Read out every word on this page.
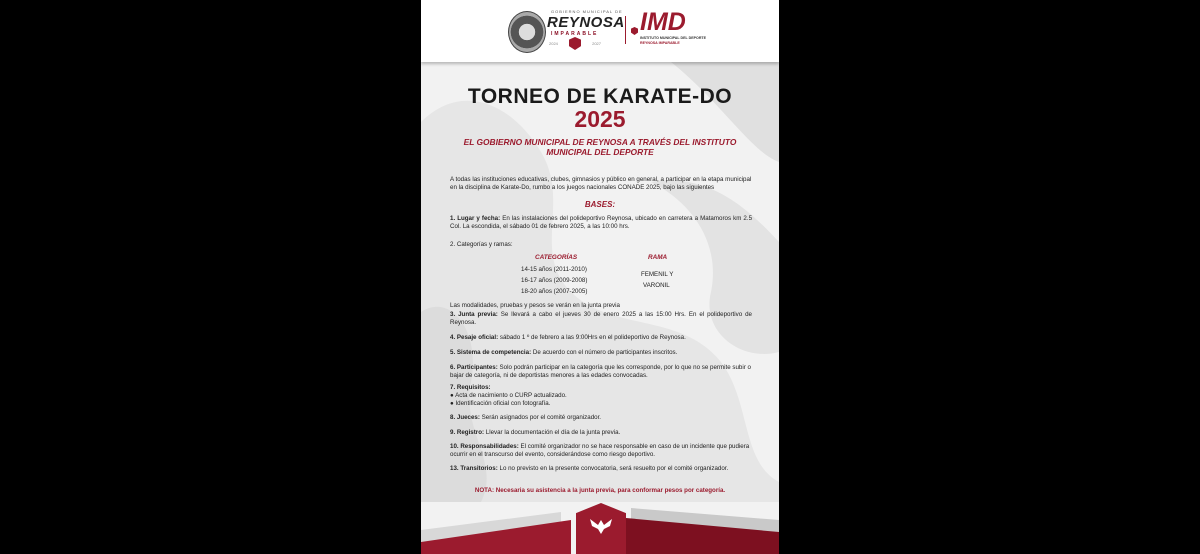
GOBIERNO MUNICIPAL DE
REYNOSA
IMPARABLE
2024	2027
IMD
INSTITUTO MUNICIPAL DEL DEPORTE
REYNOSA IMPARABLE
TORNEO DE KARATE-DO
2025
EL GOBIERNO MUNICIPAL DE REYNOSA A TRAVÉS DEL INSTITUTO MUNICIPAL DEL DEPORTE

A todas las instituciones educativas, clubes, gimnasios y público en general, a participar en la etapa municipal en la disciplina de Karate-Do, rumbo a los juegos nacionales CONADE 2025, bajo las siguientes

BASES:

1. Lugar y fecha: En las instalaciones del polideportivo Reynosa, ubicado en carretera a Matamoros km 2.5 Col. La escondida, el sábado 01 de febrero 2025, a las 10:00 hrs.

2. Categorías y ramas:

CATEGORÍAS	RAMA
14-15 años (2011-2010)
16-17 años (2009-2008)
18-20 años (2007-2005)
FEMENIL Y
VARONIL

Las modalidades, pruebas y pesos se verán en la junta previa

3. Junta previa: Se llevará a cabo el jueves 30 de enero 2025 a las 15:00 Hrs. En el polideportivo de Reynosa.

4. Pesaje oficial: sábado 1 º de febrero a las 9:00Hrs en el polideportivo de Reynosa.

5. Sistema de competencia: De acuerdo con el número de participantes inscritos.

6. Participantes: Solo podrán participar en la categoría que les corresponde, por lo que no se permite subir o bajar de categoría, ni de deportistas menores a las edades convocadas.

7. Requisitos:
● Acta de nacimiento o CURP actualizado.
● Identificación oficial con fotografía.

8. Jueces: Serán asignados por el comité organizador.

9. Registro: Llevar la documentación el día de la junta previa.

10. Responsabilidades: El comité organizador no se hace responsable en caso de un incidente que pudiera ocurrir en el transcurso del evento, considerándose como riesgo deportivo.

13. Transitorios: Lo no previsto en la presente convocatoria, será resuelto por el comité organizador.

NOTA: Necesaria su asistencia a la junta previa, para conformar pesos por categoría.
